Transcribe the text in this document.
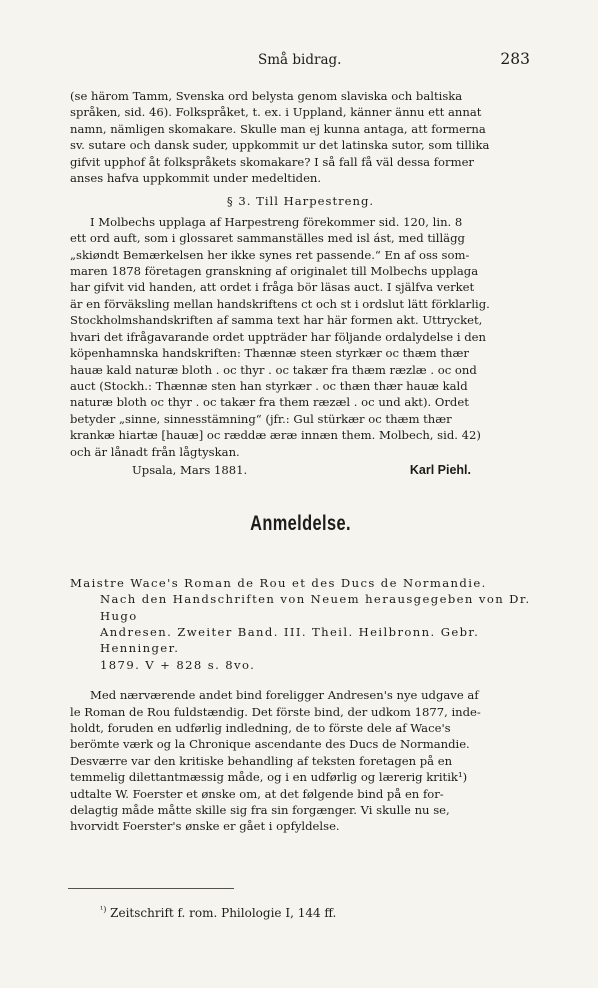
Små bidrag.	283
(se härom Tamm, Svenska ord belysta genom slaviska och baltiska
språken, sid. 46). Folkspråket, t. ex. i Uppland, känner ännu ett annat
namn, nämligen skomakare. Skulle man ej kunna antaga, att formerna
sv. sutare och dansk suder, uppkommit ur det latinska sutor, som tillika
gifvit upphof åt folkspråkets skomakare? I så fall få väl dessa former
anses hafva uppkommit under medeltiden.
§ 3. Till Harpestreng.
I Molbechs upplaga af Harpestreng förekommer sid. 120, lin. 8
ett ord auft, som i glossaret sammanställes med isl ást, med tillägg
„skiøndt Bemærkelsen her ikke synes ret passende.“ En af oss som-
maren 1878 företagen granskning af originalet till Molbechs upplaga
har gifvit vid handen, att ordet i fråga bör läsas auct. I själfva verket
är en förväksling mellan handskriftens ct och st i ordslut lätt förklarlig.
Stockholmshandskriften af samma text har här formen akt. Uttrycket,
hvari det ifrågavarande ordet uppträder har följande ordalydelse i den
köpenhamnska handskriften: Thænnæ steen styrkær oc thæm thær
hauæ kald naturæ bloth . oc thyr . oc takær fra thæm ræzlæ . oc ond
auct (Stockh.: Thænnæ sten han styrkær . oc thæn thær hauæ kald
naturæ bloth oc thyr . oc takær fra them ræzæl . oc und akt). Ordet
betyder „sinne, sinnesstämning“ (jfr.: Gul stürkær oc thæm thær
krankæ hiartæ [hauæ] oc ræddæ æræ innæn them. Molbech, sid. 42)
och är lånadt från lågtyskan.
Upsala, Mars 1881.	Karl Piehl.
Anmeldelse.
Maistre Wace's Roman de Rou et des Ducs de Normandie.
Nach den Handschriften von Neuem herausgegeben von Dr. Hugo
Andresen. Zweiter Band. III. Theil. Heilbronn. Gebr. Henninger.
1879. V + 828 s. 8vo.
Med nærværende andet bind foreligger Andresen's nye udgave af
le Roman de Rou fuldstændig. Det förste bind, der udkom 1877, inde-
holdt, foruden en udførlig indledning, de to förste dele af Wace's
berömte værk og la Chronique ascendante des Ducs de Normandie.
Desværre var den kritiske behandling af teksten foretagen på en
temmelig dilettantmæssig måde, og i en udførlig og lærerig kritik¹)
udtalte W. Foerster et ønske om, at det følgende bind på en for-
delagtig måde måtte skille sig fra sin forgænger. Vi skulle nu se,
hvorvidt Foerster's ønske er gået i opfyldelse.
$^{^1)}$ Zeitschrift f. rom. Philologie I, 144 ff.
